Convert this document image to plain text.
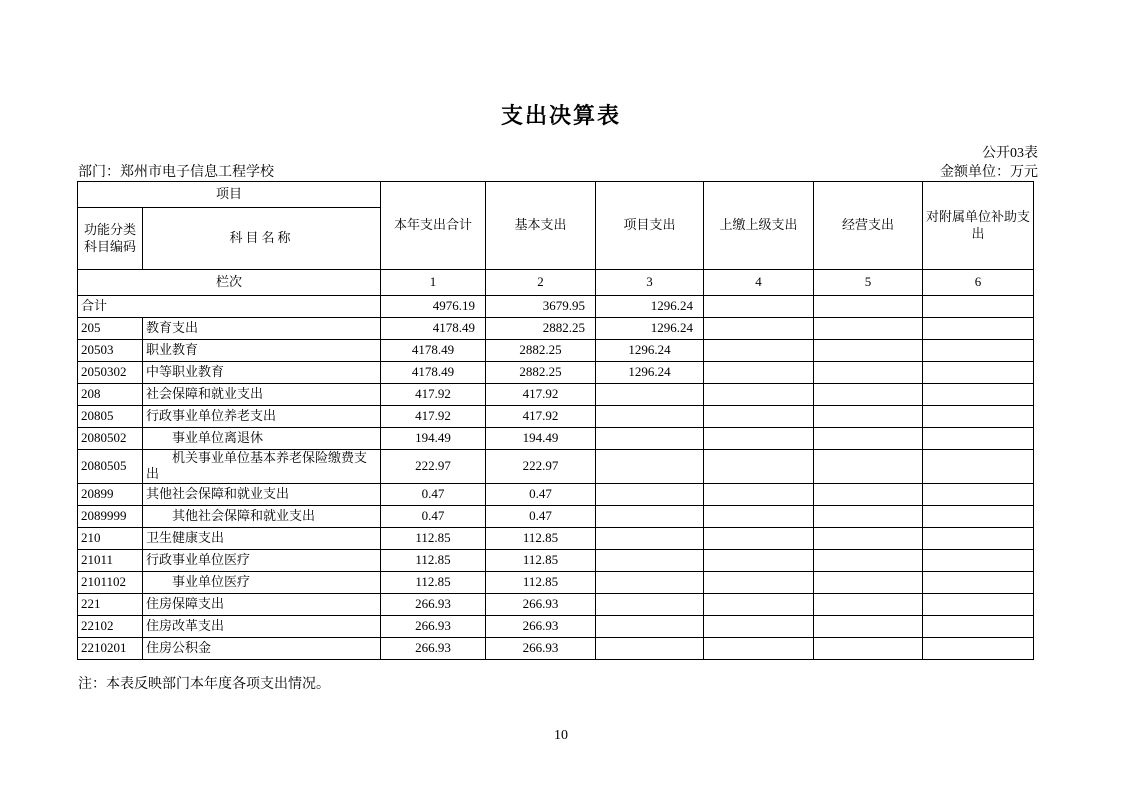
支出决算表
公开03表
部门：郑州市电子信息工程学校	金额单位：万元
项目		本年支出合计	基本支出	项目支出	上缴上级支出	经营支出	对附属单位补助支出
功能分类科目编码	科目名称						
栏次		1	2	3	4	5	6
合计		4976.19	3679.95	1296.24			
205	教育支出	4178.49	2882.25	1296.24			
20503	职业教育	4178.49	2882.25	1296.24			
2050302	中等职业教育	4178.49	2882.25	1296.24			
208	社会保障和就业支出	417.92	417.92				
20805	行政事业单位养老支出	417.92	417.92				
2080502	事业单位离退休	194.49	194.49				
2080505	机关事业单位基本养老保险缴费支出	222.97	222.97				
20899	其他社会保障和就业支出	0.47	0.47				
2089999	其他社会保障和就业支出	0.47	0.47				
210	卫生健康支出	112.85	112.85				
21011	行政事业单位医疗	112.85	112.85				
2101102	事业单位医疗	112.85	112.85				
221	住房保障支出	266.93	266.93				
22102	住房改革支出	266.93	266.93				
2210201	住房公积金	266.93	266.93				
注：本表反映部门本年度各项支出情况。
10
